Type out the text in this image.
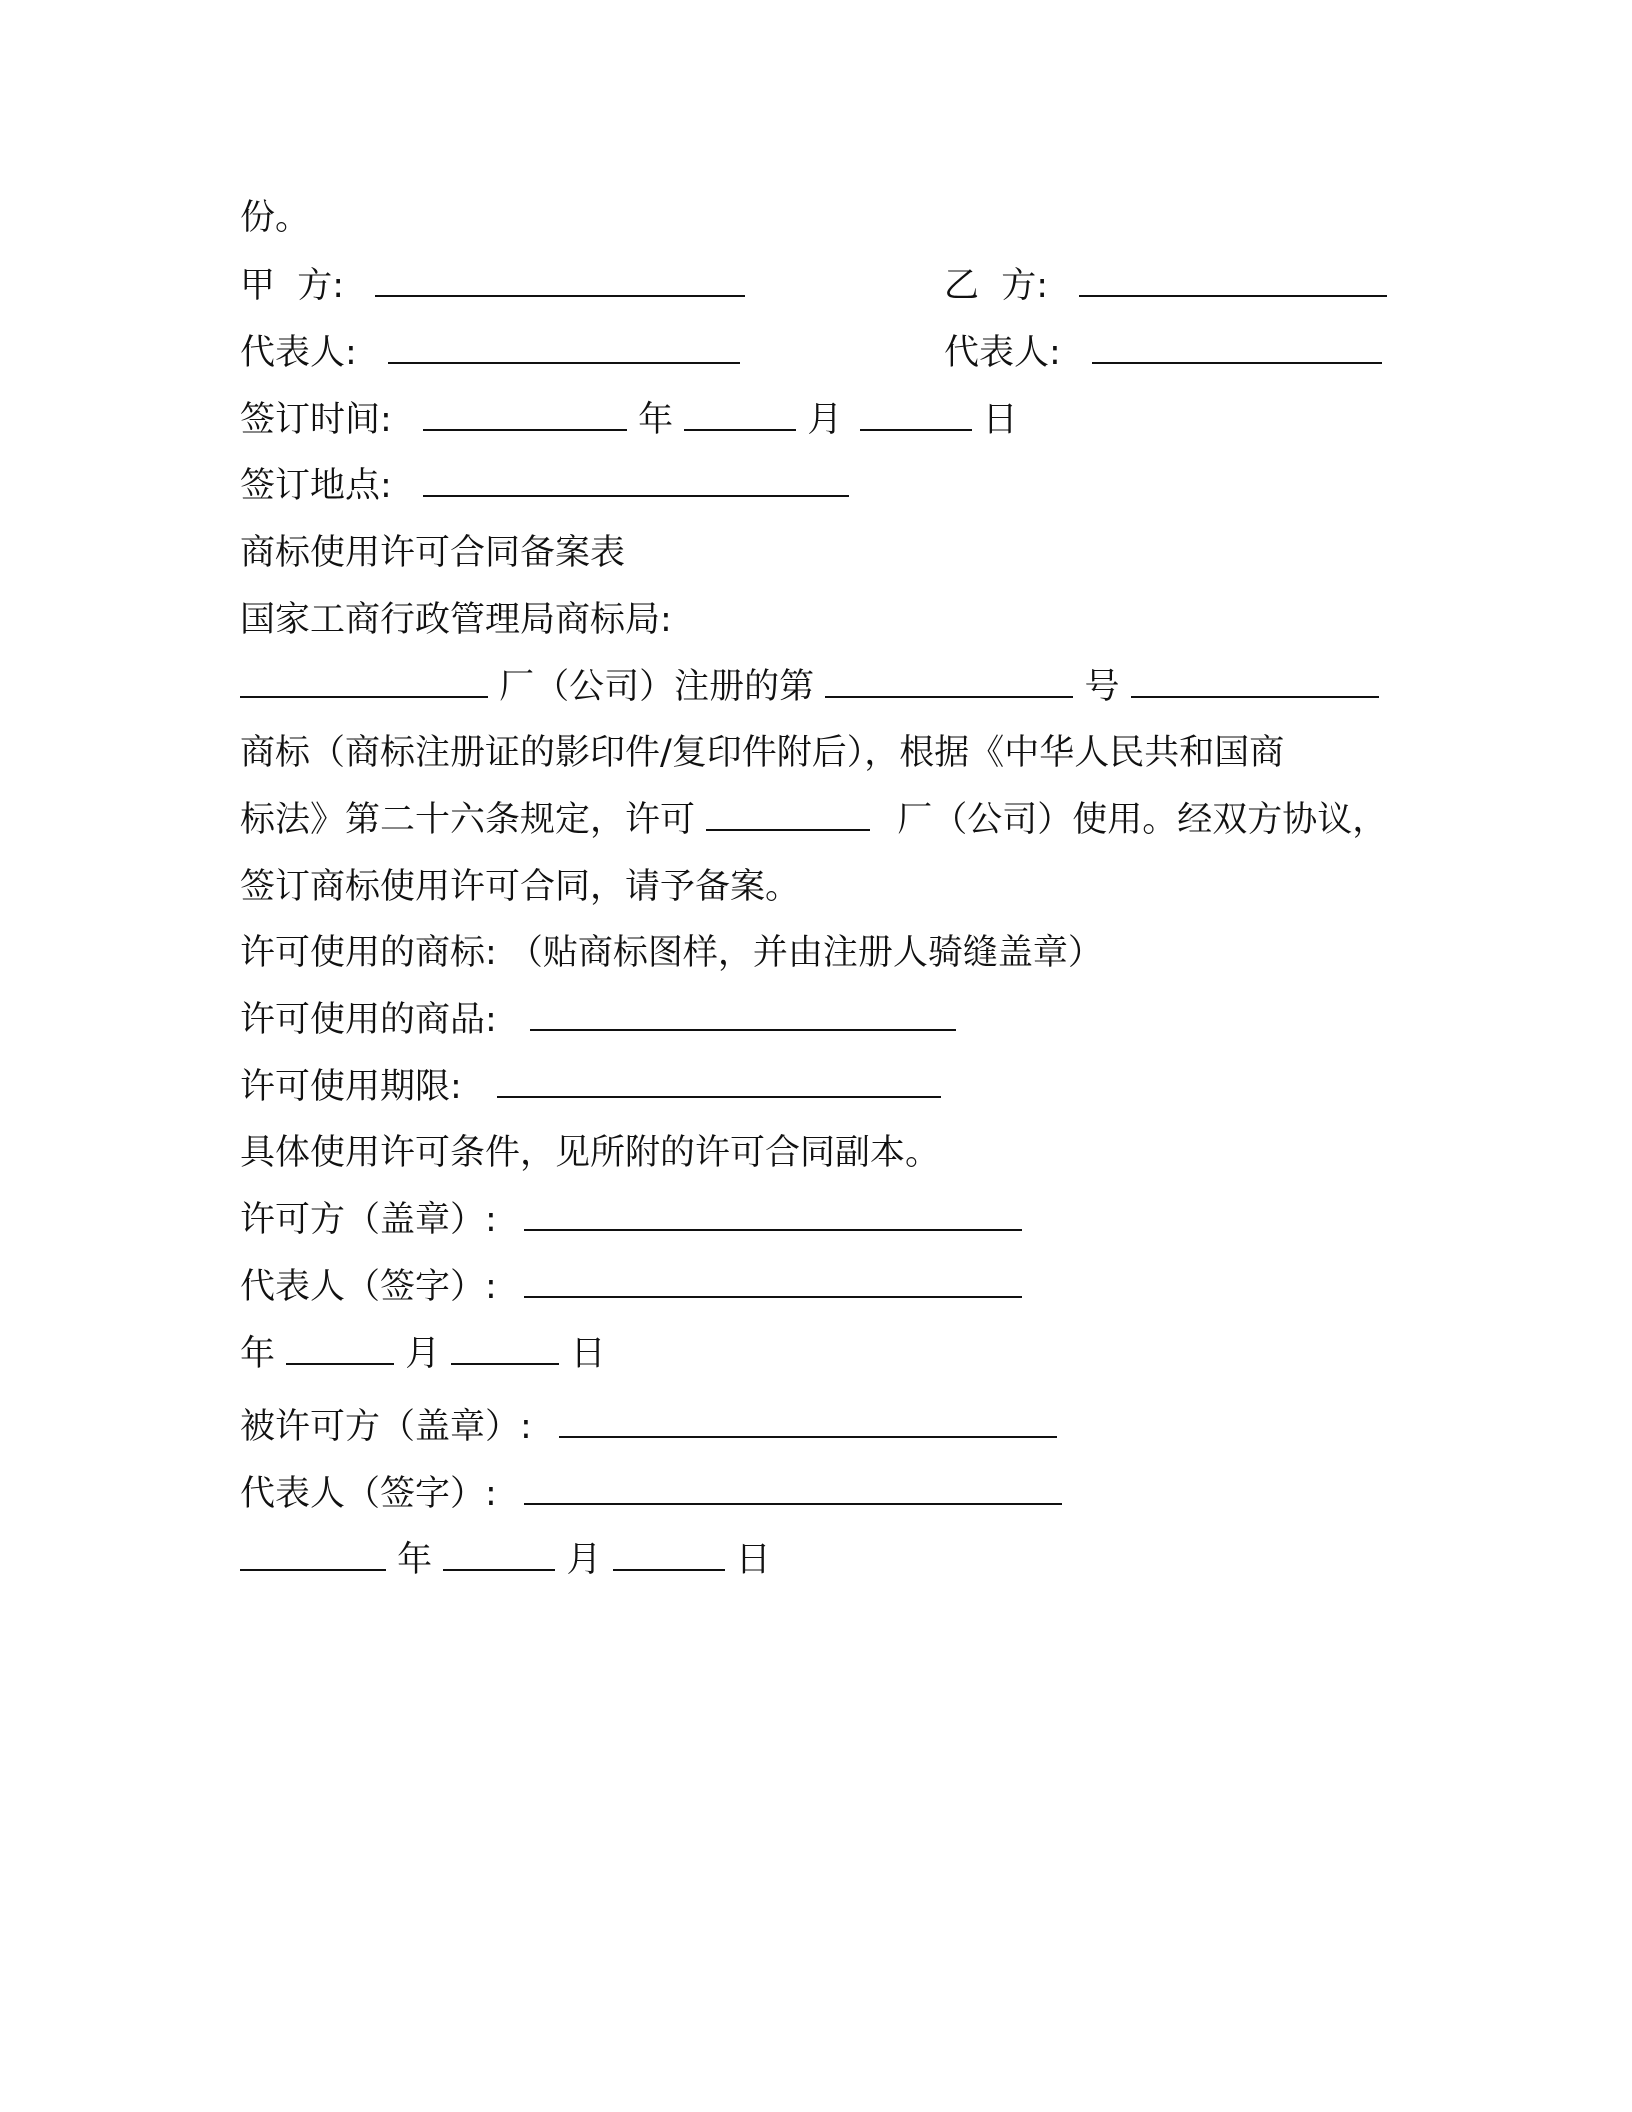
份。
甲  方:	乙  方:
代表人:	代表人:
签订时间:	年	月	日
签订地点:
商标使用许可合同备案表
国家工商行政管理局商标局:
厂（公司）注册的第	号
商标（商标注册证的影印件/复印件附后），根据《中华人民共和国商
标法》第二十六条规定，许可	厂（公司）使用。经双方协议，
签订商标使用许可合同，请予备案。
许可使用的商标: （贴商标图样，并由注册人骑缝盖章）
许可使用的商品:
许可使用期限:
具体使用许可条件，见所附的许可合同副本。
许可方（盖章）:
代表人（签字）:
年	月	日
被许可方（盖章）:
代表人（签字）:
年	月	日
